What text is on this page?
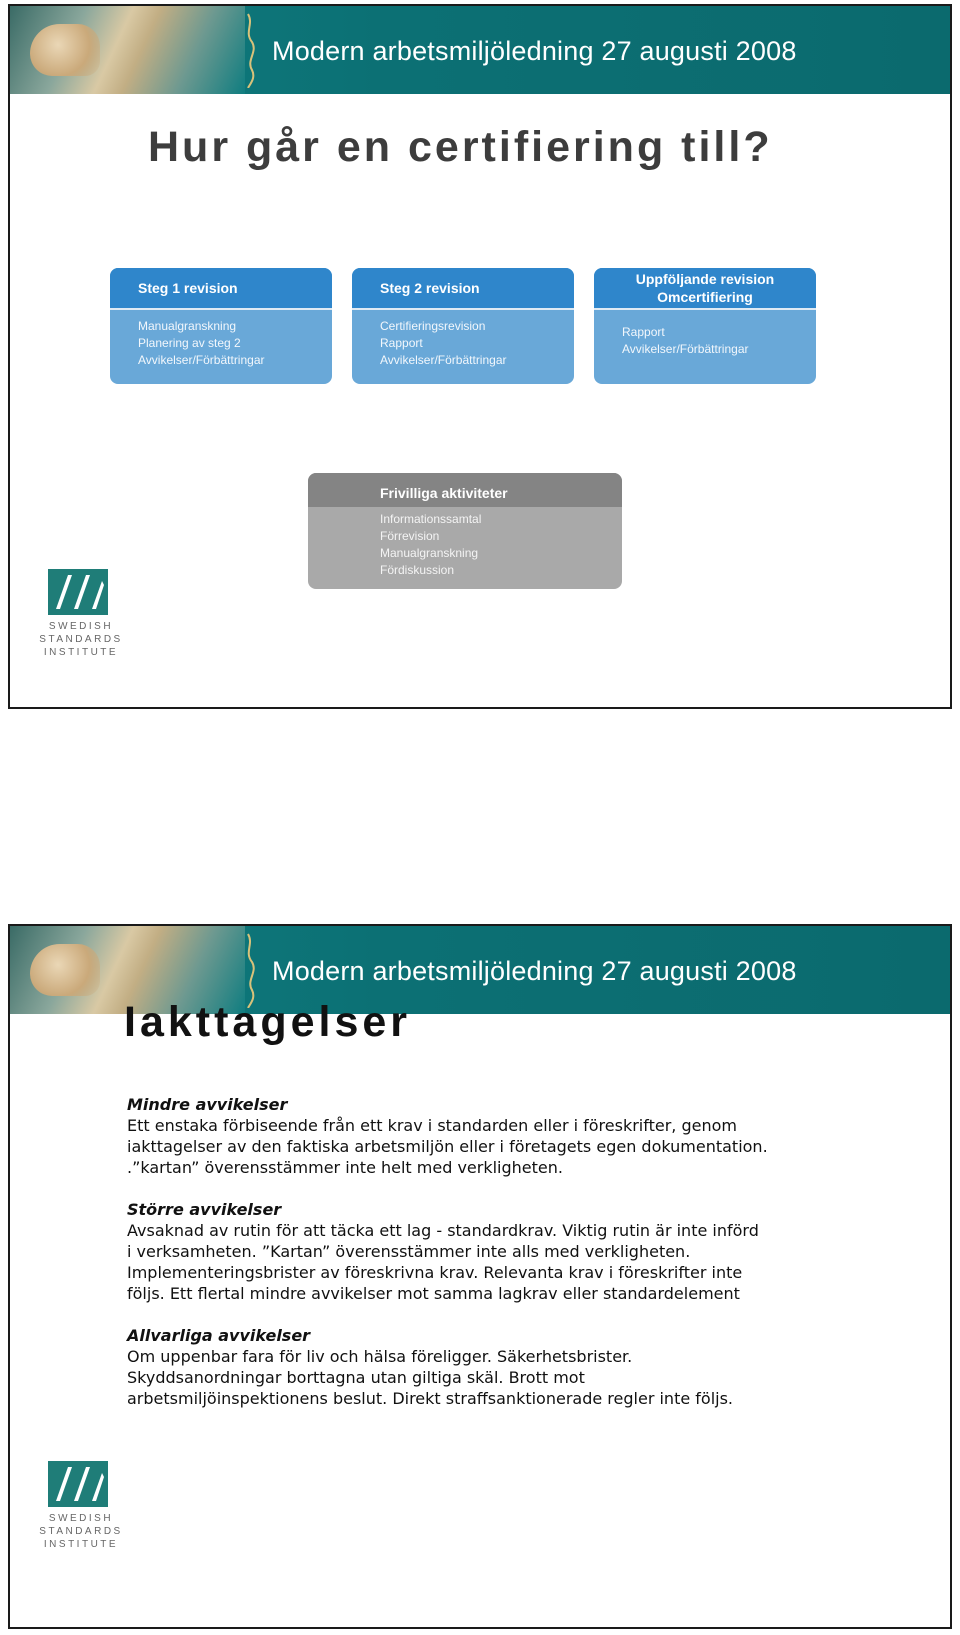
Modern arbetsmiljöledning 27 augusti 2008
Hur går en certifiering till?
Steg 1 revision
Manualgranskning
Planering av steg 2
Avvikelser/Förbättringar
Steg 2 revision
Certifieringsrevision
Rapport
Avvikelser/Förbättringar
Uppföljande revision
Omcertifiering
Rapport
Avvikelser/Förbättringar
Frivilliga aktiviteter
Informationssamtal
Förrevision
Manualgranskning
Fördiskussion
SWEDISH
STANDARDS
INSTITUTE
Modern arbetsmiljöledning 27 augusti 2008
Iakttagelser
Mindre avvikelser
Ett enstaka förbiseende från ett krav i standarden eller i föreskrifter, genom
iakttagelser av den faktiska arbetsmiljön eller i företagets egen dokumentation.
.”kartan” överensstämmer inte helt med verkligheten.
Större avvikelser
Avsaknad av rutin för att täcka ett lag - standardkrav. Viktig rutin är inte införd
i verksamheten. ”Kartan” överensstämmer inte alls med verkligheten.
Implementeringsbrister av föreskrivna krav. Relevanta krav i föreskrifter inte
följs. Ett flertal mindre avvikelser mot samma lagkrav eller standardelement
Allvarliga avvikelser
Om uppenbar fara för liv och hälsa föreligger. Säkerhetsbrister.
Skyddsanordningar borttagna utan giltiga skäl. Brott mot
arbetsmiljöinspektionens beslut. Direkt straffsanktionerade regler inte följs.
SWEDISH
STANDARDS
INSTITUTE
